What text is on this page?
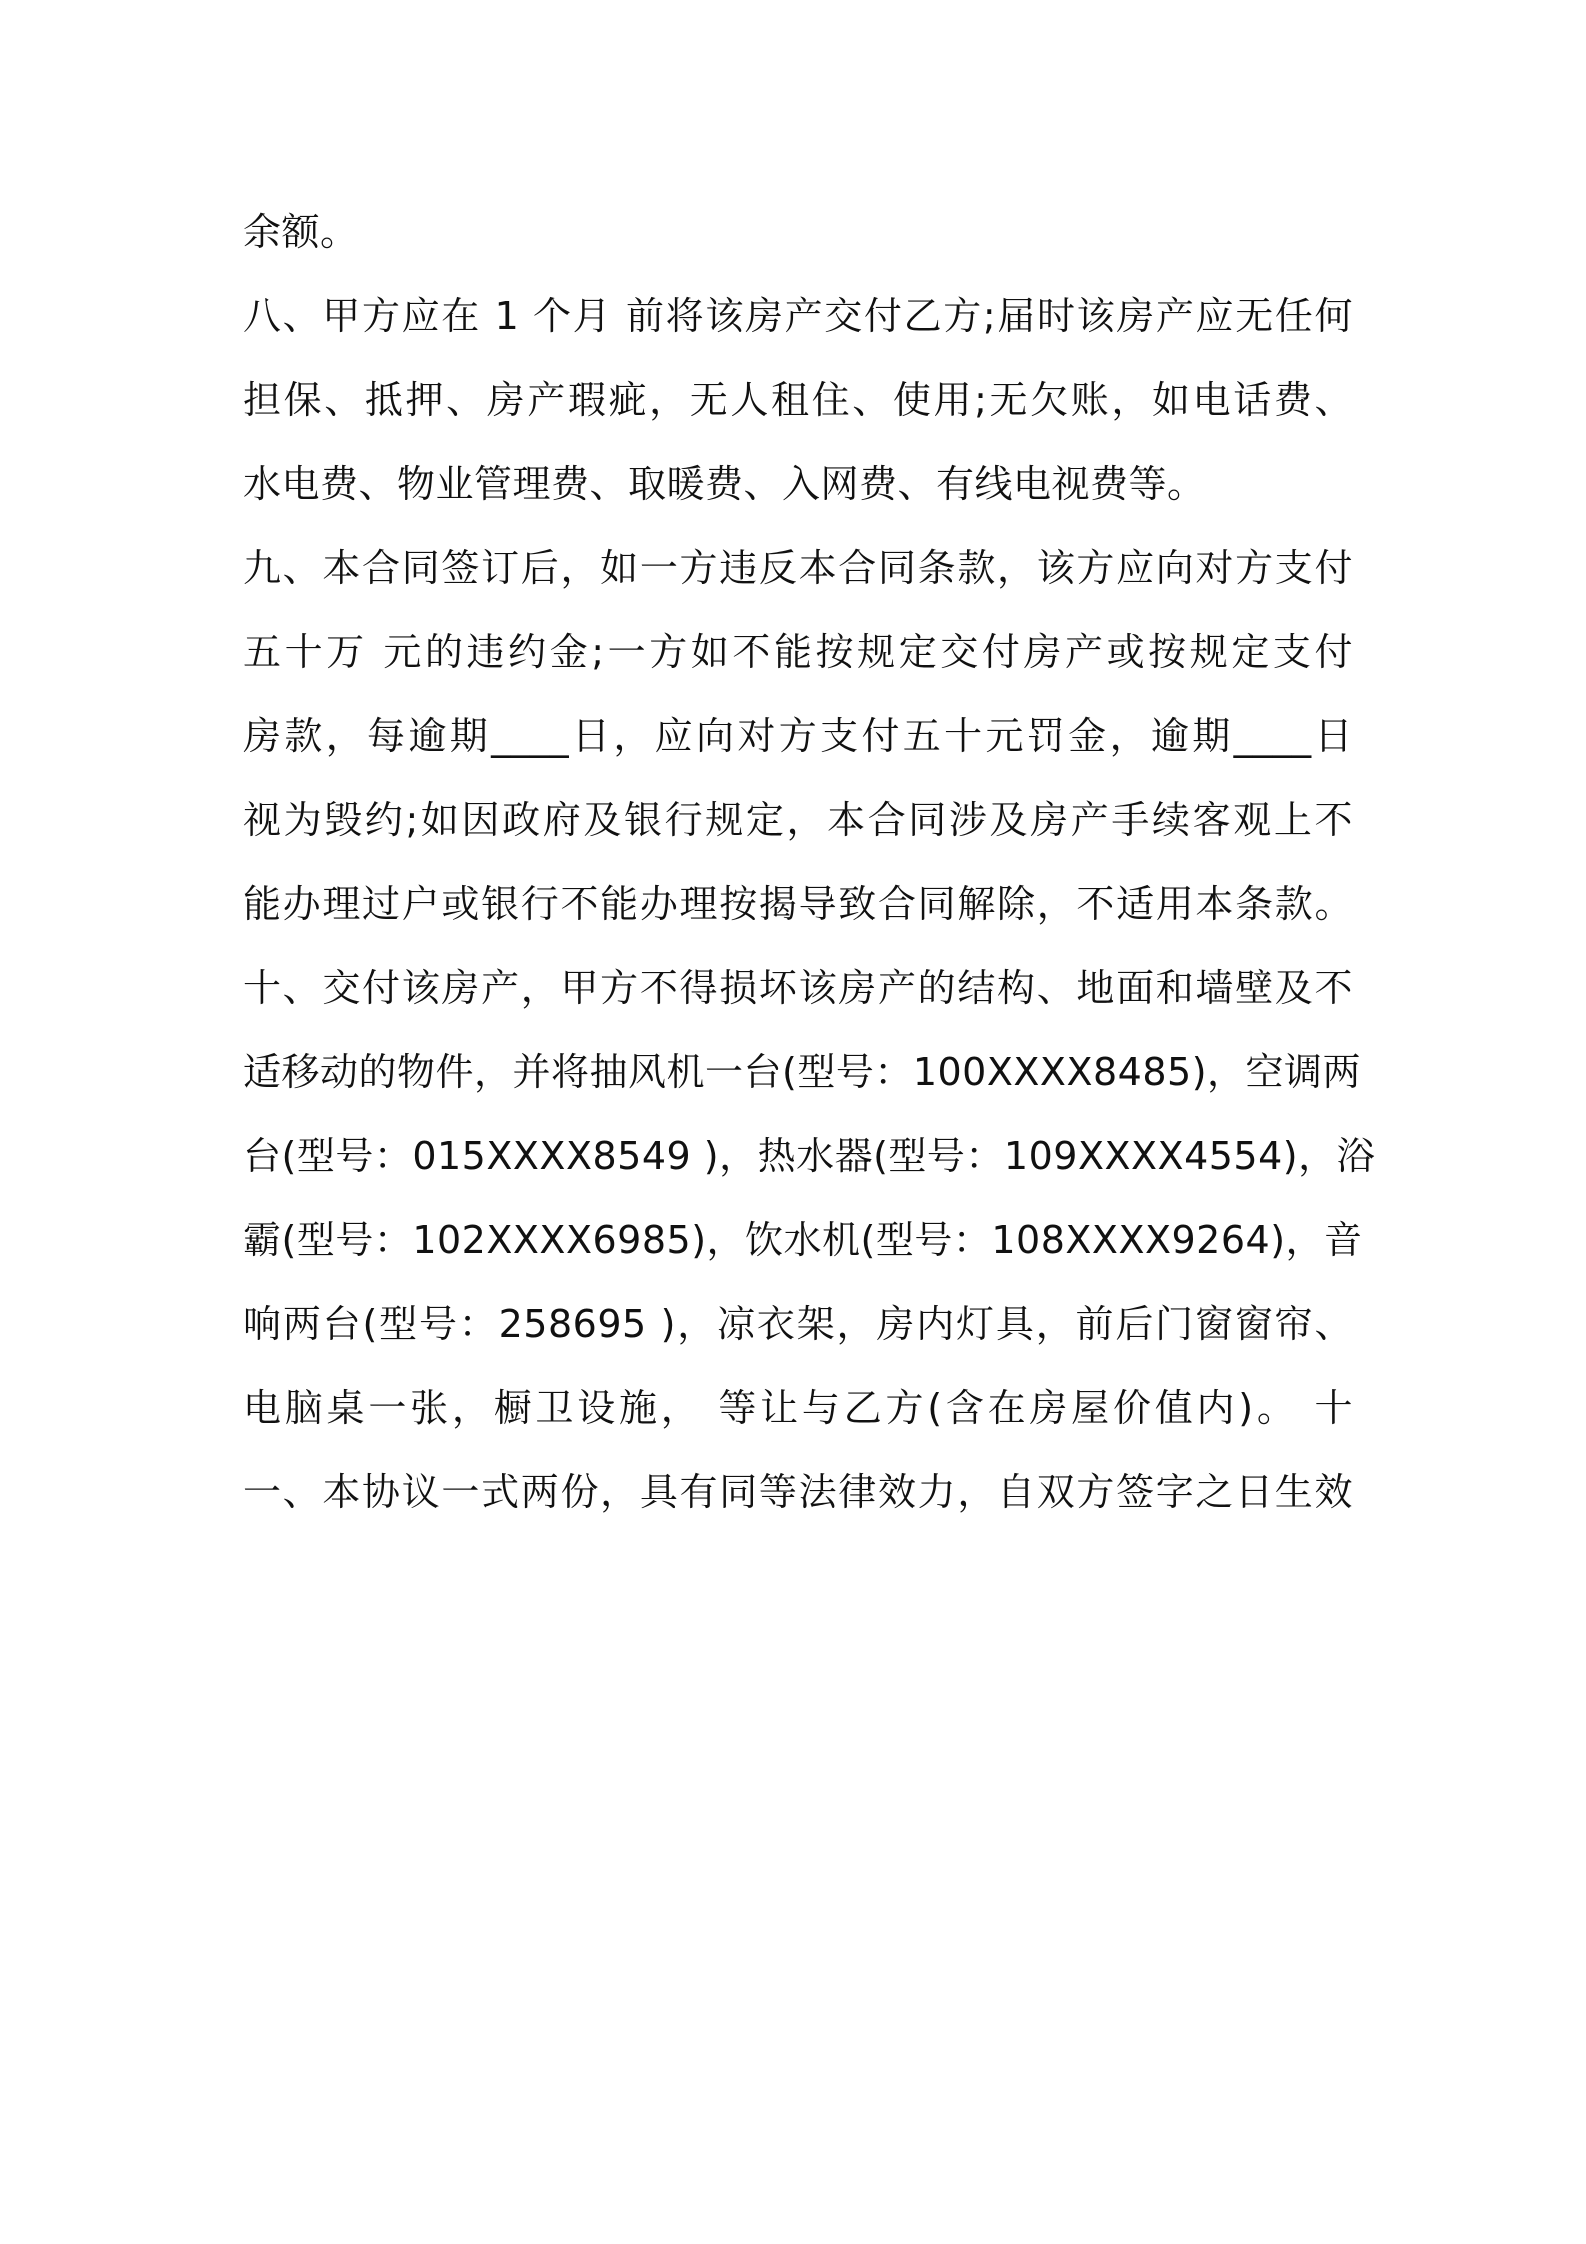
余额。
八、甲方应在 1 个月 前将该房产交付乙方;届时该房产应无任何
担保、抵押、房产瑕疵，无人租住、使用;无欠账，如电话费、
水电费、物业管理费、取暖费、入网费、有线电视费等。
九、本合同签订后，如一方违反本合同条款，该方应向对方支付
五十万 元的违约金;一方如不能按规定交付房产或按规定支付
房款，每逾期____日，应向对方支付五十元罚金，逾期____日
视为毁约;如因政府及银行规定，本合同涉及房产手续客观上不
能办理过户或银行不能办理按揭导致合同解除，不适用本条款。
十、交付该房产，甲方不得损坏该房产的结构、地面和墙壁及不
适移动的物件，并将抽风机一台(型号：100XXXX8485)，空调两
台(型号：015XXXX8549 )，热水器(型号：109XXXX4554)，浴
霸(型号：102XXXX6985)，饮水机(型号：108XXXX9264)，音
响两台(型号：258695 )，凉衣架，房内灯具，前后门窗窗帘、
电脑桌一张，橱卫设施， 等让与乙方(含在房屋价值内)。 十
一、本协议一式两份，具有同等法律效力，自双方签字之日生效
